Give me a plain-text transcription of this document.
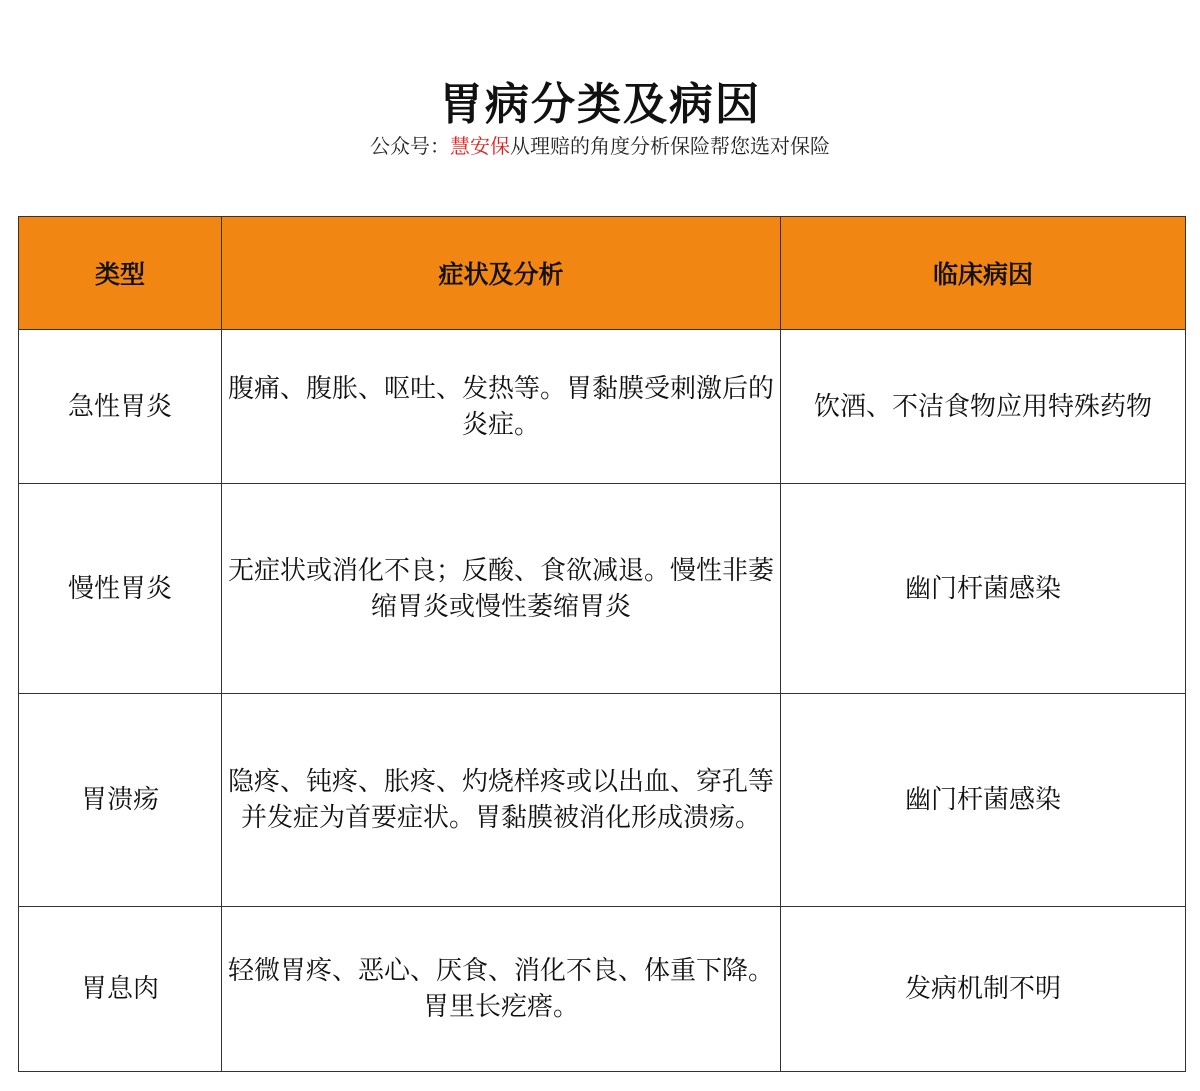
胃病分类及病因
公众号：慧安保从理赔的角度分析保险帮您选对保险
类型	症状及分析	临床病因
急性胃炎	腹痛、腹胀、呕吐、发热等。胃黏膜受刺激后的炎症。	饮酒、不洁食物应用特殊药物
慢性胃炎	无症状或消化不良；反酸、食欲减退。慢性非萎缩胃炎或慢性萎缩胃炎	幽门杆菌感染
胃溃疡	隐疼、钝疼、胀疼、灼烧样疼或以出血、穿孔等并发症为首要症状。胃黏膜被消化形成溃疡。	幽门杆菌感染
胃息肉	轻微胃疼、恶心、厌食、消化不良、体重下降。胃里长疙瘩。	发病机制不明
